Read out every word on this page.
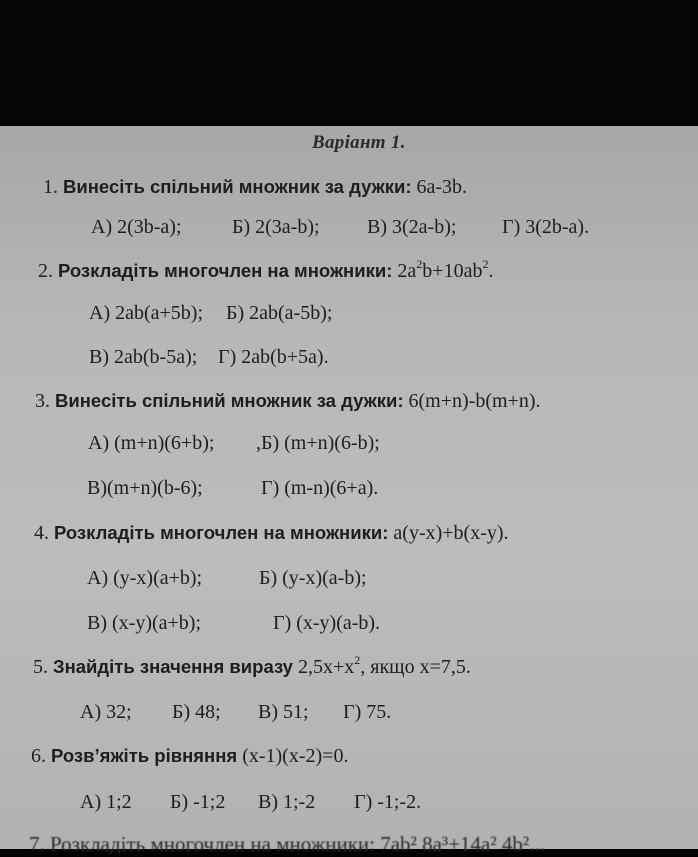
Варіант 1.
1. Винесіть спільний множник за дужки: 6a-3b.
А) 2(3b-a);	Б) 2(3a-b); В) 3(2a-b); Г) 3(2b-a).
2. Розкладіть многочлен на множники: $2a^2b+10ab^2$.
А) 2ab(a+5b); Б) 2ab(a-5b);
В) 2ab(b-5a); Г) 2ab(b+5a).
3. Винесіть спільний множник за дужки: 6(m+n)-b(m+n).
А) (m+n)(6+b); ,Б) (m+n)(6-b);
В)(m+n)(b-6);	Г) (m-n)(6+a).
4. Розкладіть многочлен на множники: a(y-x)+b(x-y).
А) (y-x)(a+b);	Б) (y-x)(a-b);
В) (x-y)(a+b);	Г) (x-y)(a-b).
5. Знайдіть значення виразу $2,5x+x^2$, якщо x=7,5.
А) 32; Б) 48; В) 51; Г) 75.
6. Розв’яжіть рівняння (x-1)(x-2)=0.
А) 1;2 Б) -1;2 В) 1;-2 Г) -1;-2.
7. Розкладіть многочлен на множники: 7ab² 8a³+14a² 4b²...
